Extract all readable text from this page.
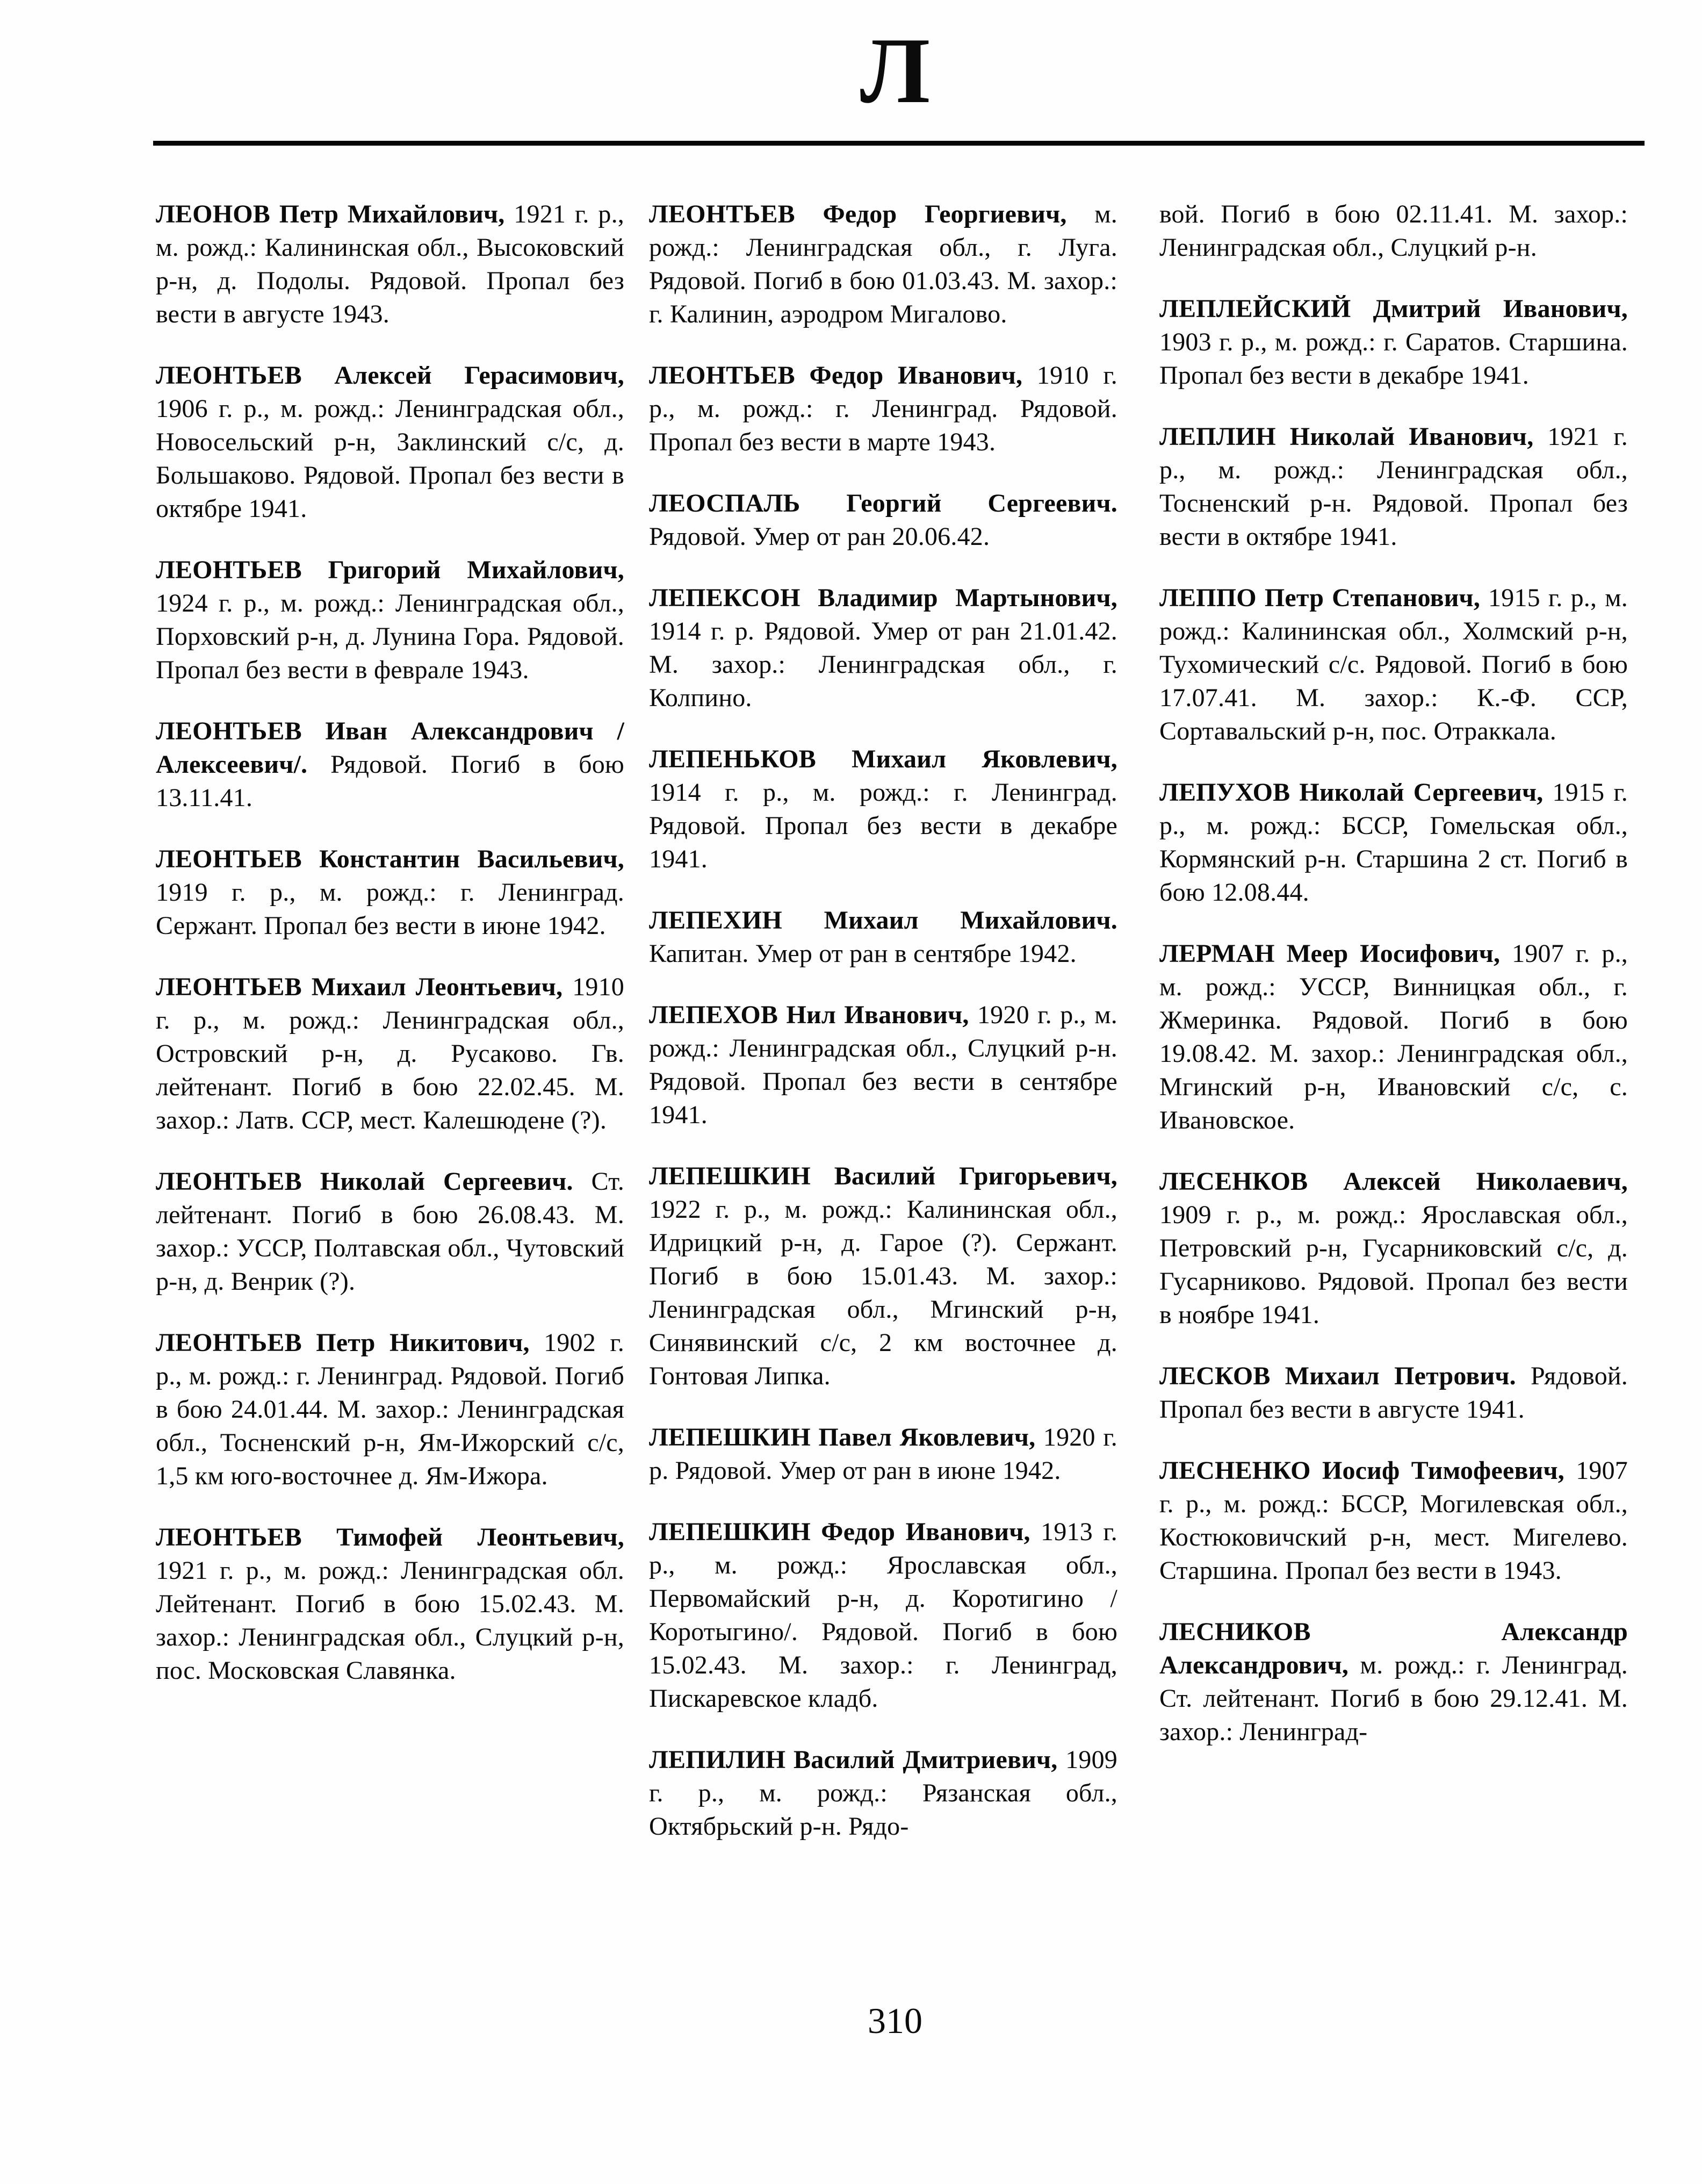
Л

ЛЕОНОВ Петр Михайлович, 1921 г. р., м. рожд.: Калининская обл., Высоковский р-н, д. Подолы. Рядовой. Пропал без вести в августе 1943.

ЛЕОНТЬЕВ Алексей Герасимович, 1906 г. р., м. рожд.: Ленинградская обл., Новосельский р-н, Заклинский с/с, д. Большаково. Рядовой. Пропал без вести в октябре 1941.

ЛЕОНТЬЕВ Григорий Михайлович, 1924 г. р., м. рожд.: Ленинградская обл., Порховский р-н, д. Лунина Гора. Рядовой. Пропал без вести в феврале 1943.

ЛЕОНТЬЕВ Иван Александрович /Алексеевич/. Рядовой. Погиб в бою 13.11.41.

ЛЕОНТЬЕВ Константин Васильевич, 1919 г. р., м. рожд.: г. Ленинград. Сержант. Пропал без вести в июне 1942.

ЛЕОНТЬЕВ Михаил Леонтьевич, 1910 г. р., м. рожд.: Ленинградская обл., Островский р-н, д. Русаково. Гв. лейтенант. Погиб в бою 22.02.45. М. захор.: Латв. ССР, мест. Калешюдене (?).

ЛЕОНТЬЕВ Николай Сергеевич. Ст. лейтенант. Погиб в бою 26.08.43. М. захор.: УССР, Полтавская обл., Чутовский р-н, д. Венрик (?).

ЛЕОНТЬЕВ Петр Никитович, 1902 г. р., м. рожд.: г. Ленинград. Рядовой. Погиб в бою 24.01.44. М. захор.: Ленинградская обл., Тосненский р-н, Ям-Ижорский с/с, 1,5 км юго-восточнее д. Ям-Ижора.

ЛЕОНТЬЕВ Тимофей Леонтьевич, 1921 г. р., м. рожд.: Ленинградская обл. Лейтенант. Погиб в бою 15.02.43. М. захор.: Ленинградская обл., Слуцкий р-н, пос. Московская Славянка.

ЛЕОНТЬЕВ Федор Георгиевич, м. рожд.: Ленинградская обл., г. Луга. Рядовой. Погиб в бою 01.03.43. М. захор.: г. Калинин, аэродром Мигалово.

ЛЕОНТЬЕВ Федор Иванович, 1910 г. р., м. рожд.: г. Ленинград. Рядовой. Пропал без вести в марте 1943.

ЛЕОСПАЛЬ Георгий Сергеевич. Рядовой. Умер от ран 20.06.42.

ЛЕПЕКСОН Владимир Мартынович, 1914 г. р. Рядовой. Умер от ран 21.01.42. М. захор.: Ленинградская обл., г. Колпино.

ЛЕПЕНЬКОВ Михаил Яковлевич, 1914 г. р., м. рожд.: г. Ленинград. Рядовой. Пропал без вести в декабре 1941.

ЛЕПЕХИН Михаил Михайлович. Капитан. Умер от ран в сентябре 1942.

ЛЕПЕХОВ Нил Иванович, 1920 г. р., м. рожд.: Ленинградская обл., Слуцкий р-н. Рядовой. Пропал без вести в сентябре 1941.

ЛЕПЕШКИН Василий Григорьевич, 1922 г. р., м. рожд.: Калининская обл., Идрицкий р-н, д. Гарое (?). Сержант. Погиб в бою 15.01.43. М. захор.: Ленинградская обл., Мгинский р-н, Синявинский с/с, 2 км восточнее д. Гонтовая Липка.

ЛЕПЕШКИН Павел Яковлевич, 1920 г. р. Рядовой. Умер от ран в июне 1942.

ЛЕПЕШКИН Федор Иванович, 1913 г. р., м. рожд.: Ярославская обл., Первомайский р-н, д. Коротигино /Коротыгино/. Рядовой. Погиб в бою 15.02.43. М. захор.: г. Ленинград, Пискаревское кладб.

ЛЕПИЛИН Василий Дмитриевич, 1909 г. р., м. рожд.: Рязанская обл., Октябрьский р-н. Рядо-

вой. Погиб в бою 02.11.41. М. захор.: Ленинградская обл., Слуцкий р-н.

ЛЕПЛЕЙСКИЙ Дмитрий Иванович, 1903 г. р., м. рожд.: г. Саратов. Старшина. Пропал без вести в декабре 1941.

ЛЕПЛИН Николай Иванович, 1921 г. р., м. рожд.: Ленинградская обл., Тосненский р-н. Рядовой. Пропал без вести в октябре 1941.

ЛЕППО Петр Степанович, 1915 г. р., м. рожд.: Калининская обл., Холмский р-н, Тухомический с/с. Рядовой. Погиб в бою 17.07.41. М. захор.: К.-Ф. ССР, Сортавальский р-н, пос. Отраккала.

ЛЕПУХОВ Николай Сергеевич, 1915 г. р., м. рожд.: БССР, Гомельская обл., Кормянский р-н. Старшина 2 ст. Погиб в бою 12.08.44.

ЛЕРМАН Меер Иосифович, 1907 г. р., м. рожд.: УССР, Винницкая обл., г. Жмеринка. Рядовой. Погиб в бою 19.08.42. М. захор.: Ленинградская обл., Мгинский р-н, Ивановский с/с, с. Ивановское.

ЛЕСЕНКОВ Алексей Николаевич, 1909 г. р., м. рожд.: Ярославская обл., Петровский р-н, Гусарниковский с/с, д. Гусарниково. Рядовой. Пропал без вести в ноябре 1941.

ЛЕСКОВ Михаил Петрович. Рядовой. Пропал без вести в августе 1941.

ЛЕСНЕНКО Иосиф Тимофеевич, 1907 г. р., м. рожд.: БССР, Могилевская обл., Костюковичский р-н, мест. Мигелево. Старшина. Пропал без вести в 1943.

ЛЕСНИКОВ Александр Александрович, м. рожд.: г. Ленинград. Ст. лейтенант. Погиб в бою 29.12.41. М. захор.: Ленинград-

310
